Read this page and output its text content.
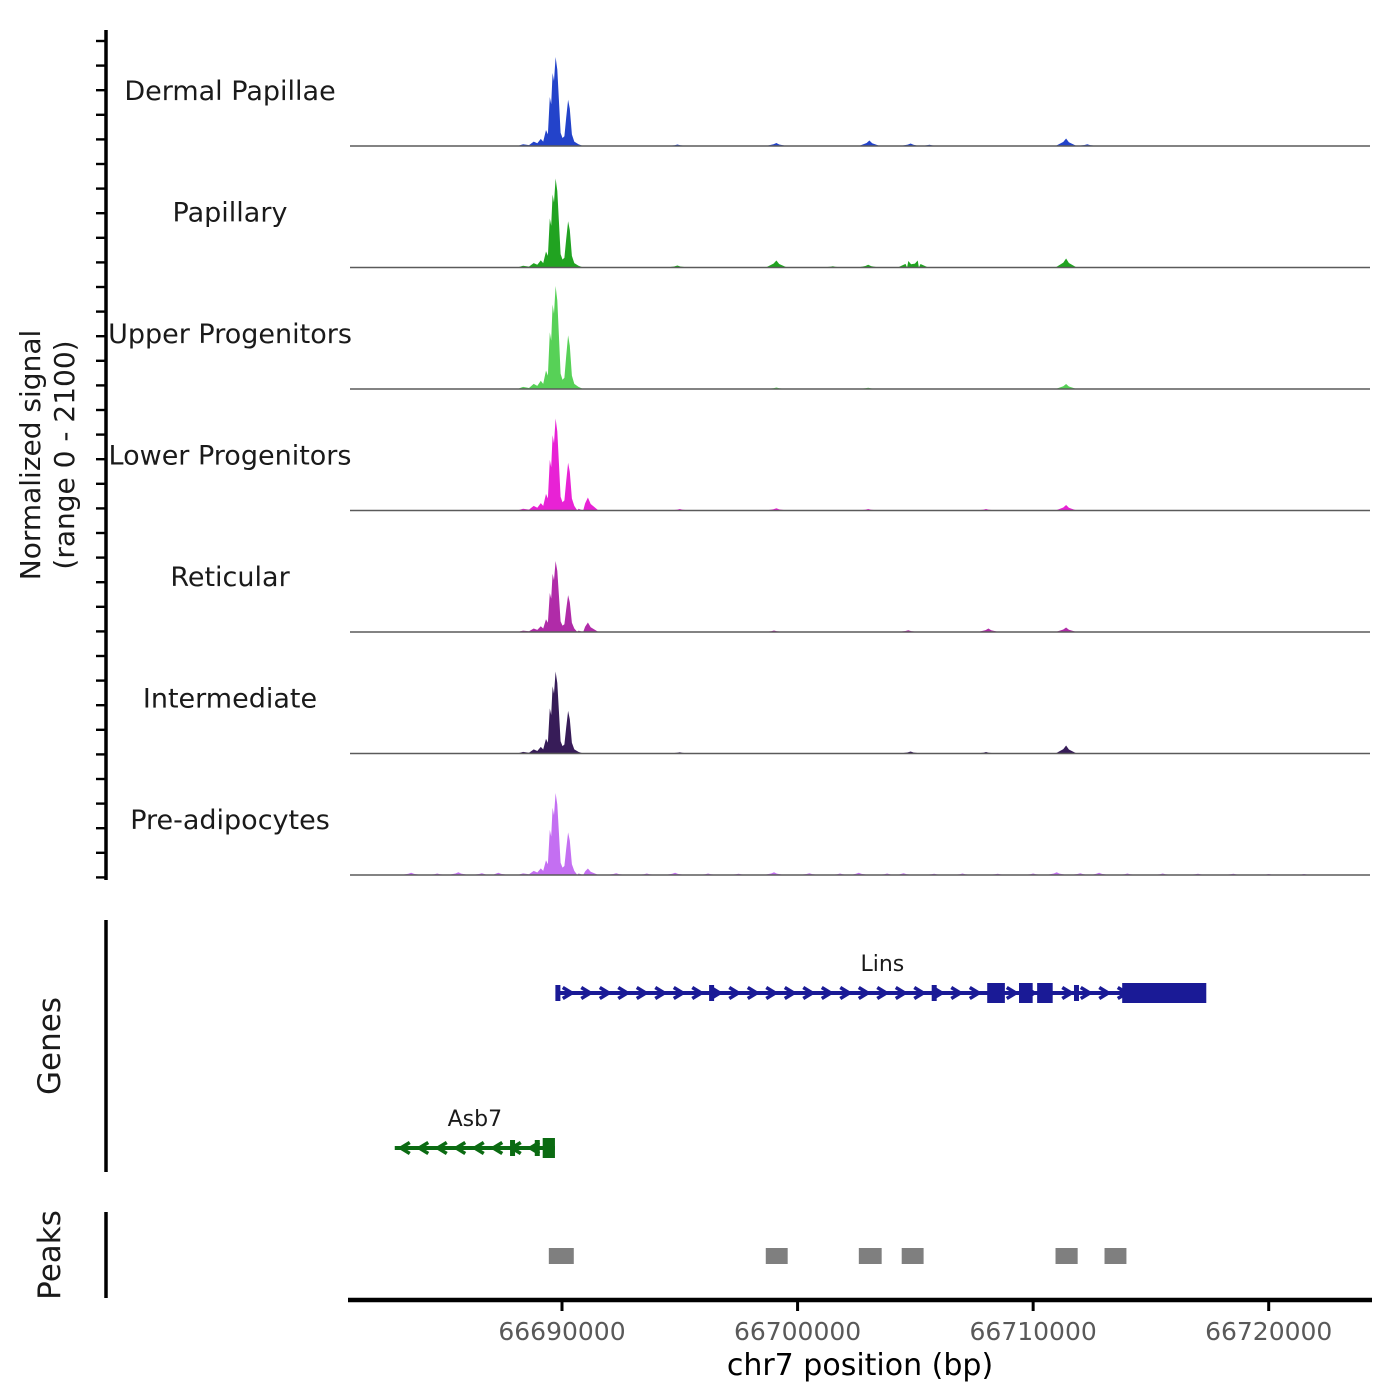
Normalized signal (range 0 - 2100)
Dermal Papillae
Papillary
Upper Progenitors
Lower Progenitors
Reticular
Intermediate
Pre-adipocytes
Genes
Lins
Asb7
Peaks
66690000	66700000	66710000	66720000
chr7 position (bp)
